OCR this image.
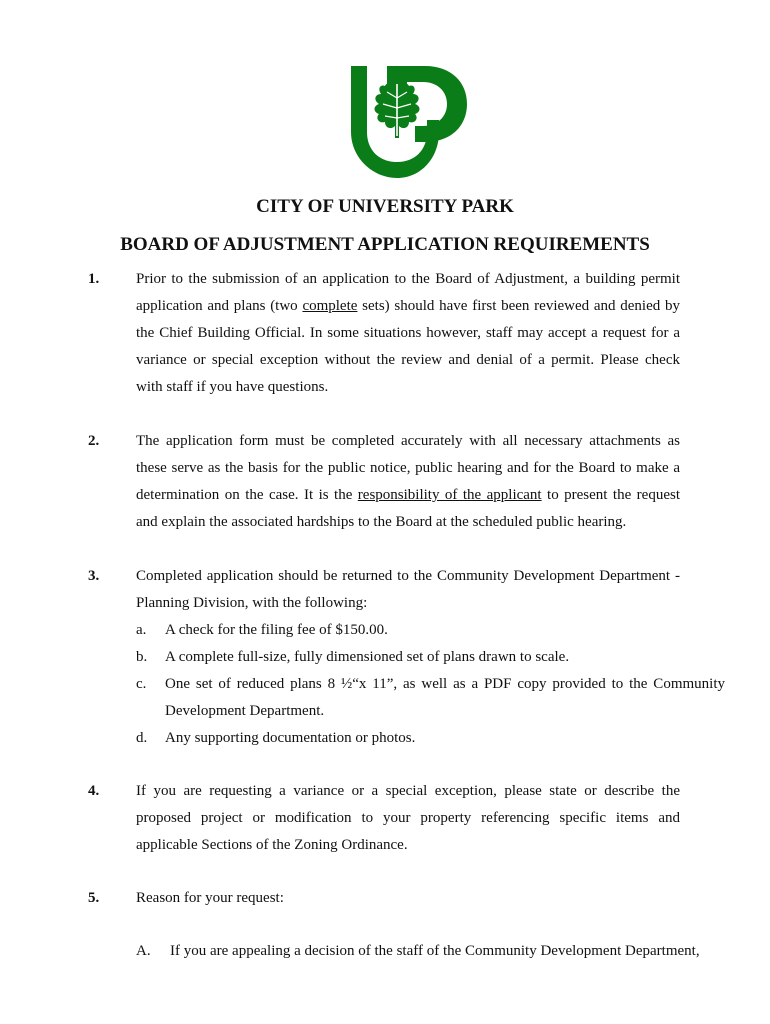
CITY OF UNIVERSITY PARK
BOARD OF ADJUSTMENT APPLICATION REQUIREMENTS
1. Prior to the submission of an application to the Board of Adjustment, a building permit
application and plans (two complete sets) should have first been reviewed and denied by
the Chief Building Official. In some situations however, staff may accept a request for a
variance or special exception without the review and denial of a permit. Please check
with staff if you have questions.
2. The application form must be completed accurately with all necessary attachments as
these serve as the basis for the public notice, public hearing and for the Board to make a
determination on the case. It is the responsibility of the applicant to present the request
and explain the associated hardships to the Board at the scheduled public hearing.
3. Completed application should be returned to the Community Development Department -
Planning Division, with the following:
a. A check for the filing fee of $150.00.
b. A complete full-size, fully dimensioned set of plans drawn to scale.
c. One set of reduced plans 8 ½“x 11”, as well as a PDF copy provided to the Community
Development Department.
d. Any supporting documentation or photos.
4. If you are requesting a variance or a special exception, please state or describe the
proposed project or modification to your property referencing specific items and
applicable Sections of the Zoning Ordinance.
5. Reason for your request:
A. If you are appealing a decision of the staff of the Community Development Department,
